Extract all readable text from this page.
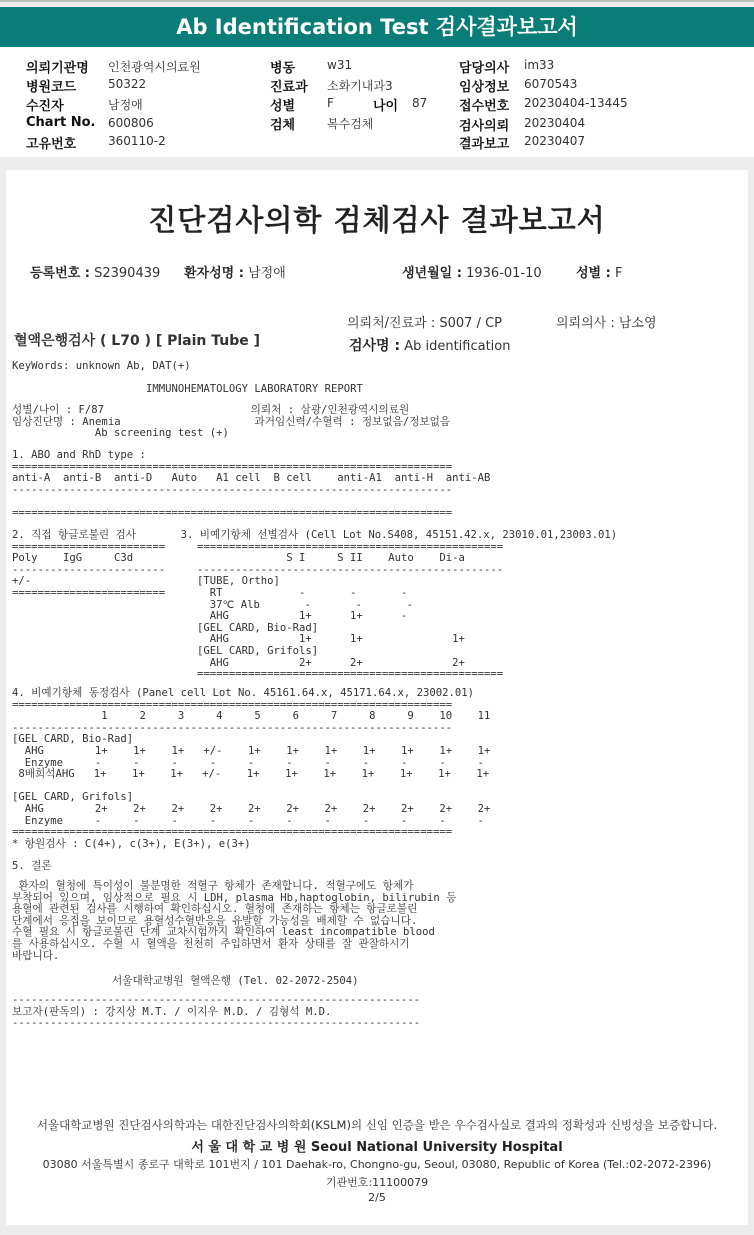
Ab Identification Test 검사결과보고서
의뢰기관명 인천광역시의료원
병원코드	50322
수진자	남정애
Chart No. 600806
고유번호	360110-2
병동	w31
진료과 소화기내과3
성별	F	나이 87
검체	복수검체
담당의사 im33
임상정보 6070543
접수번호 20230404-13445
검사의뢰 20230404
결과보고 20230407
진단검사의학 검체검사 결과보고서
등록번호 : S2390439 환자성명 : 남정애	생년월일 : 1936-01-10	성별 : F
의뢰처/진료과 : S007 / CP	의뢰의사 : 남소영
혈액은행검사 ( L70 ) [ Plain Tube ]	검사명 : Ab identification
KeyWords: unknown Ab, DAT(+)
IMMUNOHEMATOLOGY LABORATORY REPORT
성별/나이 : F/87                       의뢰처 : 삼광/인천광역시의료원
임상진단명 : Anemia                     과거임신력/수혈력 : 정보없음/정보없음
Ab screening test (+)
1. ABO and RhD type :
=====================================================================
anti-A  anti-B  anti-D   Auto   A1 cell  B cell    anti-A1  anti-H  anti-AB
---------------------------------------------------------------------

=====================================================================
2. 직접 항글로불린 검사       3. 비예기항체 선별검사 (Cell Lot No.S408, 45151.42.x, 23010.01,23003.01)
========================     ================================================
Poly    IgG     C3d                        S I     S II    Auto    Di-a
------------------------     ------------------------------------------------
+/-                          [TUBE, Ortho]
========================       RT            -       -       -
37℃ Alb       -       -       -
AHG           1+      1+      -
[GEL CARD, Bio-Rad]
AHG           1+      1+              1+
[GEL CARD, Grifols]
AHG           2+      2+              2+
================================================
4. 비예기항체 동정검사 (Panel cell Lot No. 45161.64.x, 45171.64.x, 23002.01)
=====================================================================
1     2     3     4     5     6     7     8     9    10    11
---------------------------------------------------------------------
[GEL CARD, Bio-Rad]
AHG        1+    1+    1+   +/-    1+    1+    1+    1+    1+    1+    1+
Enzyme     -     -     -     -     -     -     -     -     -     -     -
8배희석AHG   1+    1+    1+   +/-    1+    1+    1+    1+    1+    1+    1+

[GEL CARD, Grifols]
AHG        2+    2+    2+    2+    2+    2+    2+    2+    2+    2+    2+
Enzyme     -     -     -     -     -     -     -     -     -     -     -
=====================================================================
* 항원검사 : C(4+), c(3+), E(3+), e(3+)
5. 결론
환자의 혈청에 특이성이 불분명한 적혈구 항체가 존재합니다. 적혈구에도 항체가
부착되어 있으며, 임상적으로 필요 시 LDH, plasma Hb,haptoglobin, bilirubin 등
용혈에 관련된 검사를 시행하여 확인하십시오. 혈청에 존재하는 항체는 항글로불린
단계에서 응집을 보이므로 용혈성수혈반응을 유발할 가능성을 배제할 수 없습니다.
수혈 필요 시 항글로불린 단계 교차시험까지 확인하여 least incompatible blood
를 사용하십시오. 수혈 시 혈액을 천천히 주입하면서 환자 상태를 잘 관찰하시기
바랍니다.
서울대학교병원 혈액은행 (Tel. 02-2072-2504)
----------------------------------------------------------------
보고자(판독의) : 강지상 M.T. / 이지우 M.D. / 김형석 M.D.
----------------------------------------------------------------
서울대학교병원 진단검사의학과는 대한진단검사의학회(KSLM)의 신임 인증을 받은 우수검사실로 결과의 정확성과 신빙성을 보증합니다.
서 울 대 학 교 병 원 Seoul National University Hospital
03080 서울특별시 종로구 대학로 101번지 / 101 Daehak-ro, Chongno-gu, Seoul, 03080, Republic of Korea (Tel.:02-2072-2396)
기관번호:11100079
2/5
